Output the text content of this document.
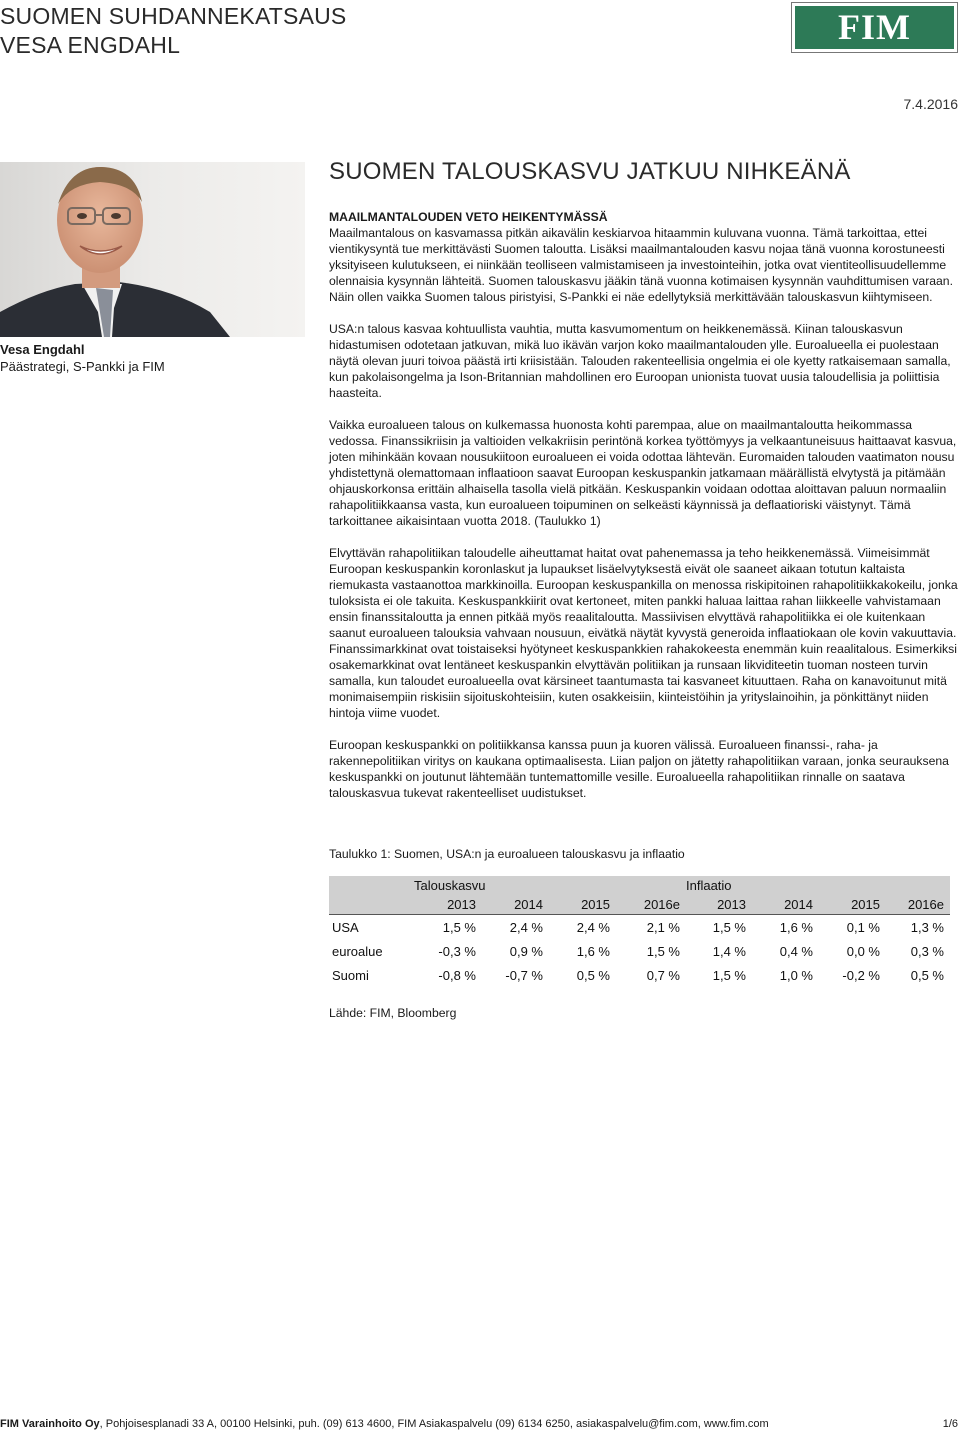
SUOMEN SUHDANNEKATSAUS
VESA ENGDAHL	FIM
7.4.2016
Vesa Engdahl
Päästrategi, S-Pankki ja FIM
SUOMEN TALOUSKASVU JATKUU NIHKEÄNÄ
MAAILMANTALOUDEN VETO HEIKENTYMÄSSÄ

Maailmantalous on kasvamassa pitkän aikavälin keskiarvoa hitaammin kuluvana vuonna. Tämä tarkoittaa, ettei vientikysyntä tue merkittävästi Suomen taloutta. Lisäksi maailmantalouden kasvu nojaa tänä vuonna korostuneesti yksityiseen kulutukseen, ei niinkään teolliseen valmistamiseen ja investointeihin, jotka ovat vientiteollisuudellemme olennaisia kysynnän lähteitä. Suomen talouskasvu jääkin tänä vuonna kotimaisen kysynnän vauhdittumisen varaan. Näin ollen vaikka Suomen talous piristyisi, S-Pankki ei näe edellytyksiä merkittävään talouskasvun kiihtymiseen.

USA:n talous kasvaa kohtuullista vauhtia, mutta kasvumomentum on heikkenemässä. Kiinan talouskasvun hidastumisen odotetaan jatkuvan, mikä luo ikävän varjon koko maailmantalouden ylle. Euroalueella ei puolestaan näytä olevan juuri toivoa päästä irti kriisistään. Talouden rakenteellisia ongelmia ei ole kyetty ratkaisemaan samalla, kun pakolaisongelma ja Ison-Britannian mahdollinen ero Euroopan unionista tuovat uusia taloudellisia ja poliittisia haasteita.

Vaikka euroalueen talous on kulkemassa huonosta kohti parempaa, alue on maailmantaloutta heikommassa vedossa. Finanssikriisin ja valtioiden velkakriisin perintönä korkea työttömyys ja velkaantuneisuus haittaavat kasvua, joten mihinkään kovaan nousukiitoon euroalueen ei voida odottaa lähtevän. Euromaiden talouden vaatimaton nousu yhdistettynä olemattomaan inflaatioon saavat Euroopan keskuspankin jatkamaan määrällistä elvytystä ja pitämään ohjauskorkonsa erittäin alhaisella tasolla vielä pitkään. Keskuspankin voidaan odottaa aloittavan paluun normaaliin rahapolitiikkaansa vasta, kun euroalueen toipuminen on selkeästi käynnissä ja deflaatioriski väistynyt. Tämä tarkoittanee aikaisintaan vuotta 2018. (Taulukko 1)

Elvyttävän rahapolitiikan taloudelle aiheuttamat haitat ovat pahenemassa ja teho heikkenemässä. Viimeisimmät Euroopan keskuspankin koronlaskut ja lupaukset lisäelvytyksestä eivät ole saaneet aikaan totutun kaltaista riemukasta vastaanottoa markkinoilla. Euroopan keskuspankilla on menossa riskipitoinen rahapolitiikkakokeilu, jonka tuloksista ei ole takuita. Keskuspankkiirit ovat kertoneet, miten pankki haluaa laittaa rahan liikkeelle vahvistamaan ensin finanssitaloutta ja ennen pitkää myös reaalitaloutta. Massiivisen elvyttävä rahapolitiikka ei ole kuitenkaan saanut euroalueen talouksia vahvaan nousuun, eivätkä näytät kyvystä generoida inflaatiokaan ole kovin vakuuttavia. Finanssimarkkinat ovat toistaiseksi hyötyneet keskuspankkien rahakokeesta enemmän kuin reaalitalous. Esimerkiksi osakemarkkinat ovat lentäneet keskuspankin elvyttävän politiikan ja runsaan likviditeetin tuoman nosteen turvin samalla, kun taloudet euroalueella ovat kärsineet taantumasta tai kasvaneet kituuttaen. Raha on kanavoitunut mitä monimaisempiin riskisiin sijoituskohteisiin, kuten osakkeisiin, kiinteistöihin ja yrityslainoihin, ja pönkittänyt niiden hintoja viime vuodet.

Euroopan keskuspankki on politiikkansa kanssa puun ja kuoren välissä. Euroalueen finanssi-, raha- ja rakennepolitiikan viritys on kaukana optimaalisesta. Liian paljon on jätetty rahapolitiikan varaan, jonka seurauksena keskuspankki on joutunut lähtemään tuntemattomille vesille. Euroalueella rahapolitiikan rinnalle on saatava talouskasvua tukevat rakenteelliset uudistukset.

Taulukko 1: Suomen, USA:n ja euroalueen talouskasvu ja inflaatio
	Talouskasvu				Inflaatio			
	2013	2014	2015	2016e	2013	2014	2015	2016e
USA	1,5 %	2,4 %	2,4 %	2,1 %	1,5 %	1,6 %	0,1 %	1,3 %
euroalue	-0,3 %	0,9 %	1,6 %	1,5 %	1,4 %	0,4 %	0,0 %	0,3 %
Suomi	-0,8 %	-0,7 %	0,5 %	0,7 %	1,5 %	1,0 %	-0,2 %	0,5 %
Lähde: FIM, Bloomberg
FIM Varainhoito Oy, Pohjoisesplanadi 33 A, 00100 Helsinki, puh. (09) 613 4600, FIM Asiakaspalvelu (09) 6134 6250, asiakaspalvelu@fim.com, www.fim.com	1/6
